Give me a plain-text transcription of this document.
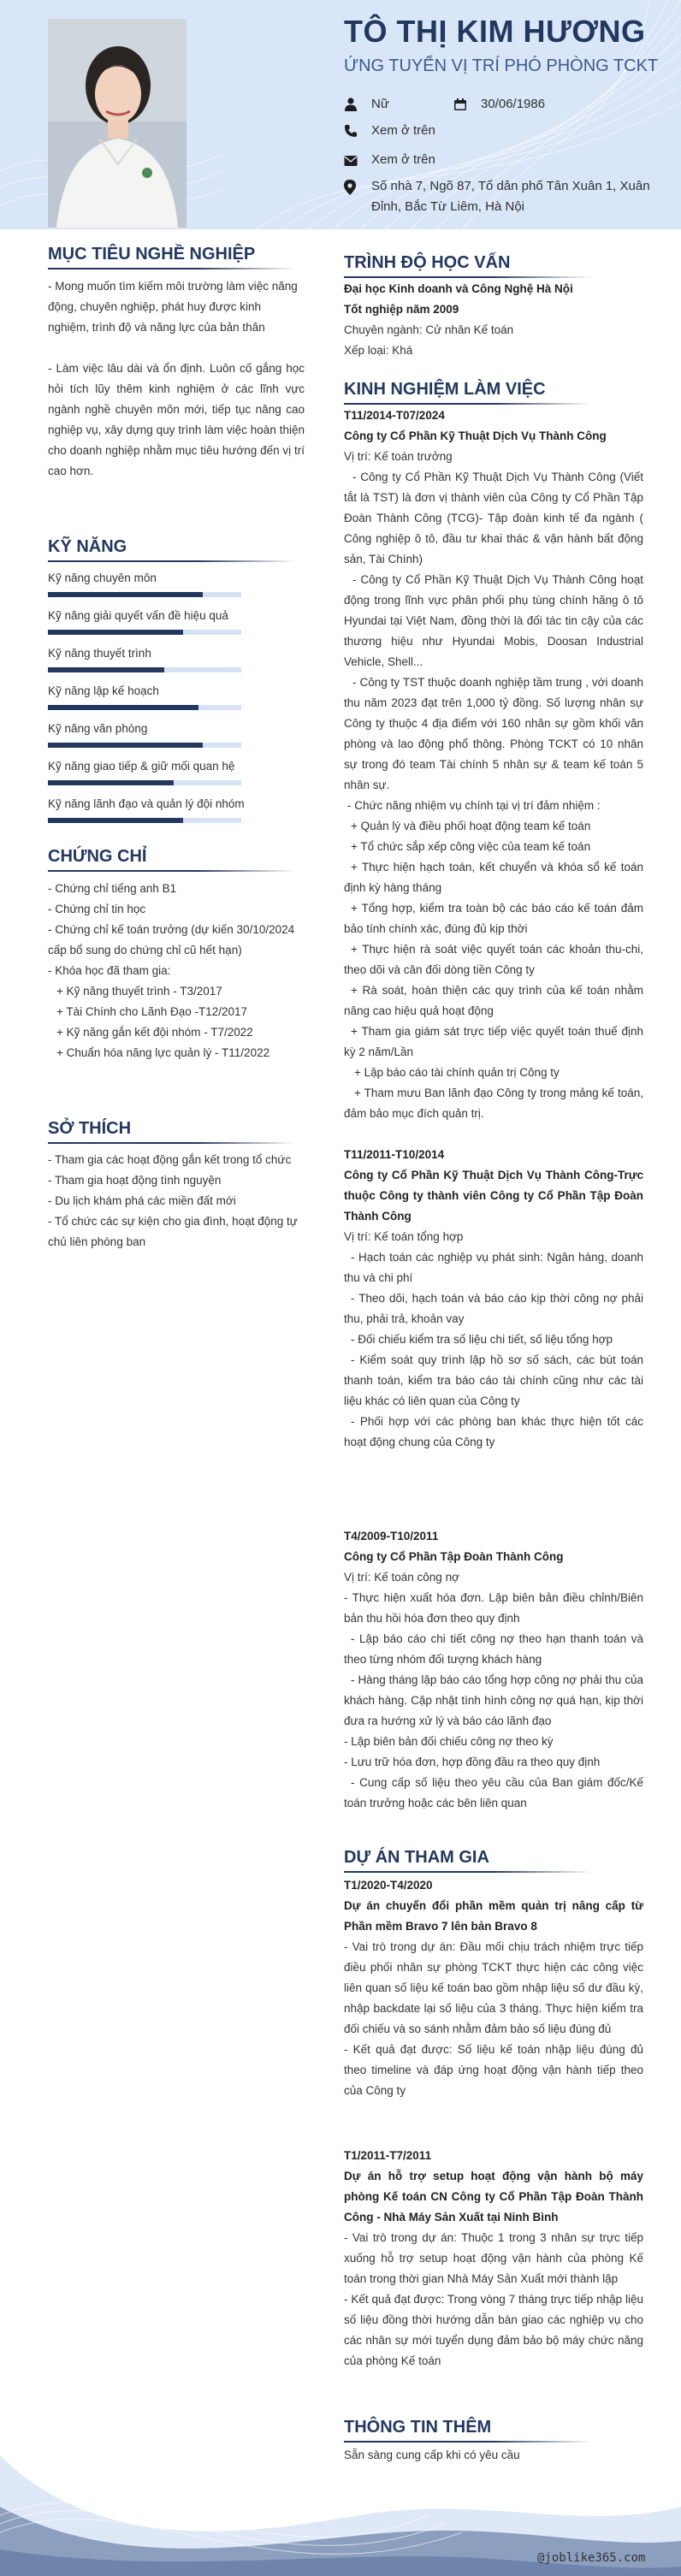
TÔ THỊ KIM HƯƠNG
ỨNG TUYỂN VỊ TRÍ PHÓ PHÒNG TCKT
Nữ	30/06/1986
Xem ở trên
Xem ở trên
Số nhà 7, Ngõ 87, Tổ dân phố Tân Xuân 1, Xuân Đỉnh, Bắc Từ Liêm, Hà Nội
MỤC TIÊU NGHỀ NGHIỆP

- Mong muốn tìm kiếm môi trường làm việc năng động, chuyên nghiệp, phát huy được kinh nghiệm, trình độ và năng lực của bản thân

- Làm việc lâu dài và ổn định. Luôn cố gắng học hỏi tích lũy thêm kinh nghiệm ở các lĩnh vực ngành nghề chuyên môn mới, tiếp tục nâng cao nghiệp vụ, xây dựng quy trình làm việc hoàn thiện cho doanh nghiệp nhằm mục tiêu hướng đến vị trí cao hơn.

KỸ NĂNG
Kỹ năng chuyên môn
Kỹ năng giải quyết vấn đề hiệu quả
Kỹ năng thuyết trình
Kỹ năng lập kế hoạch
Kỹ năng văn phòng
Kỹ năng giao tiếp & giữ mối quan hệ
Kỹ năng lãnh đạo và quản lý đội nhóm
CHỨNG CHỈ

- Chứng chỉ tiếng anh B1

- Chứng chỉ tin học

- Chứng chỉ kế toán trưởng (dự kiến 30/10/2024 cấp bổ sung do chứng chỉ cũ hết hạn)

- Khóa học đã tham gia:

+ Kỹ năng thuyết trình - T3/2017

+ Tài Chính cho Lãnh Đạo -T12/2017

+ Kỹ năng gắn kết đội nhóm - T7/2022

+ Chuẩn hóa năng lực quản lý - T11/2022

SỞ THÍCH

- Tham gia các hoạt động gắn kết trong tổ chức

- Tham gia hoạt động tình nguyện

- Du lịch khám phá các miền đất mới

- Tổ chức các sự kiện cho gia đình, hoạt động tự chủ liên phòng ban

TRÌNH ĐỘ HỌC VẤN

Đại học Kinh doanh và Công Nghệ Hà Nội

Tốt nghiệp năm 2009

Chuyên ngành: Cử nhân Kế toán

Xếp loại: Khá

KINH NGHIỆM LÀM VIỆC

T11/2014-T07/2024

Công ty Cổ Phần Kỹ Thuật Dịch Vụ Thành Công

Vị trí: Kế toán trưởng

- Công ty Cổ Phần Kỹ Thuật Dịch Vụ Thành Công (Viết tắt là TST) là đơn vị thành viên của Công ty Cổ Phần Tập Đoàn Thành Công (TCG)- Tập đoàn kinh tế đa ngành ( Công nghiệp ô tô, đầu tư khai thác & vận hành bất động sản, Tài Chính)

- Công ty Cổ Phần Kỹ Thuật Dịch Vụ Thành Công hoạt động trong lĩnh vực phân phối phụ tùng chính hãng ô tô Hyundai tại Việt Nam, đồng thời là đối tác tin cậy của các thương hiệu như Hyundai Mobis, Doosan Industrial Vehicle, Shell...

- Công ty TST thuộc doanh nghiệp tầm trung , với doanh thu năm 2023 đạt trên 1,000 tỷ đồng. Số lượng nhân sự Công ty thuộc 4 địa điểm với 160 nhân sự gồm khối văn phòng và lao động phổ thông. Phòng TCKT có 10 nhân sự trong đó team Tài chính 5 nhân sự & team kế toán 5 nhân sự.

- Chức năng nhiệm vụ chính tại vị trí đảm nhiệm :

+ Quản lý và điều phối hoạt động team kế toán

+ Tổ chức sắp xếp công việc của team kế toán

+ Thực hiện hạch toán, kết chuyển và khóa sổ kế toán định kỳ hàng tháng

+ Tổng hợp, kiểm tra toàn bộ các báo cáo kế toán đảm bảo tính chính xác, đúng đủ kịp thời

+ Thực hiện rà soát việc quyết toán các khoản thu-chi, theo dõi và cân đối dòng tiền Công ty

+ Rà soát, hoàn thiện các quy trình của kế toán nhằm nâng cao hiệu quả hoạt động

+ Tham gia giám sát trực tiếp việc quyết toán thuế định kỳ 2 năm/Lần

+ Lập báo cáo tài chính quản trị Công ty

+ Tham mưu Ban lãnh đạo Công ty trong mảng kế toán, đảm bảo mục đích quản trị.

T11/2011-T10/2014

Công ty Cổ Phần Kỹ Thuật Dịch Vụ Thành Công-Trực thuộc Công ty thành viên Công ty Cổ Phần Tập Đoàn Thành Công

Vị trí: Kế toán tổng hợp

- Hạch toán các nghiệp vụ phát sinh: Ngân hàng, doanh thu và chi phí

- Theo dõi, hạch toán và báo cáo kịp thời công nợ phải thu, phải trả, khoản vay

- Đối chiếu kiểm tra số liệu chi tiết, số liệu tổng hợp

- Kiểm soát quy trình lập hồ sơ số sách, các bút toán thanh toán, kiểm tra báo cáo tài chính cũng như các tài liệu khác có liên quan của Công ty

- Phối hợp với các phòng ban khác thực hiện tốt các hoạt động chung của Công ty

T4/2009-T10/2011

Công ty Cổ Phần Tập Đoàn Thành Công

Vị trí: Kế toán công nợ

- Thực hiện xuất hóa đơn. Lập biên bản điều chỉnh/Biên bản thu hồi hóa đơn theo quy định

- Lập báo cáo chi tiết công nợ theo hạn thanh toán và theo từng nhóm đối tượng khách hàng

- Hàng tháng lập báo cáo tổng hợp công nợ phải thu của khách hàng. Cập nhật tình hình công nợ quá hạn, kịp thời đưa ra hướng xử lý và báo cáo lãnh đạo

- Lập biên bản đối chiếu công nợ theo kỳ

- Lưu trữ hóa đơn, hợp đồng đầu ra theo quy định

- Cung cấp số liệu theo yêu cầu của Ban giám đốc/Kế toán trưởng hoặc các bên liên quan

DỰ ÁN THAM GIA

T1/2020-T4/2020

Dự án chuyển đổi phần mềm quản trị nâng cấp từ Phần mềm Bravo 7 lên bản Bravo 8

- Vai trò trong dự án: Đầu mối chịu trách nhiệm trực tiếp điều phối nhân sự phòng TCKT thực hiện các công việc liên quan số liệu kế toán bao gồm nhập liệu số dư đầu kỳ, nhập backdate lại số liệu của 3 tháng. Thực hiện kiểm tra đối chiếu và so sánh nhằm đảm bảo số liệu đúng đủ

- Kết quả đạt được: Số liệu kế toán nhập liệu đúng đủ theo timeline và đáp ứng hoạt động vận hành tiếp theo của Công ty

T1/2011-T7/2011

Dự án hỗ trợ setup hoạt động vận hành bộ máy phòng Kế toán CN Công ty Cổ Phần Tập Đoàn Thành Công - Nhà Máy Sản Xuất tại Ninh Bình

- Vai trò trong dự án: Thuộc 1 trong 3 nhân sự trực tiếp xuống hỗ trợ setup hoạt động vận hành của phòng Kế toán trong thời gian Nhà Máy Sản Xuất mới thành lập

- Kết quả đạt được: Trong vòng 7 tháng trực tiếp nhập liệu số liệu đồng thời hướng dẫn bàn giao các nghiệp vụ cho các nhân sự mới tuyển dụng đảm bảo bộ máy chức năng của phòng Kế toán

THÔNG TIN THÊM
Sẵn sàng cung cấp khi có yêu cầu
@joblike365.com
